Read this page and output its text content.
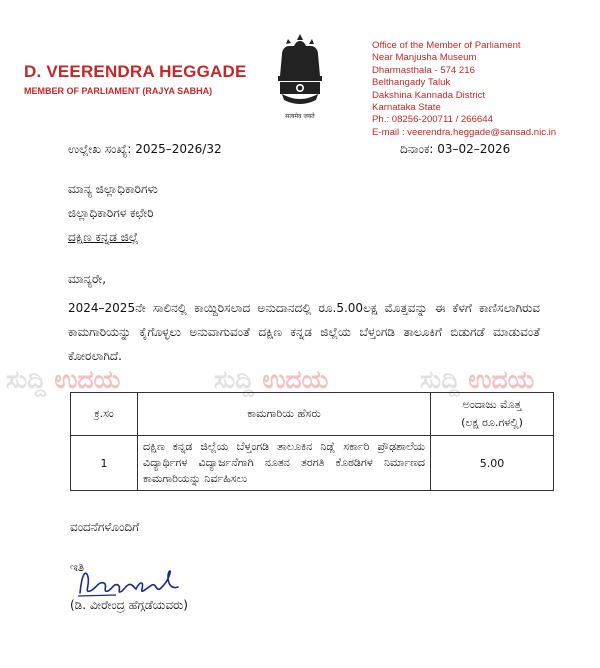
D. VEERENDRA HEGGADE
MEMBER OF PARLIAMENT (RAJYA SABHA)
सत्यमेव जयते
Office of the Member of Parliament
Near Manjusha Museum
Dharmasthala - 574 216
Belthangady Taluk
Dakshina Kannada District
Karnataka State
Ph.: 08256-200711 / 266644
E-mail : veerendra.heggade@sansad.nic.in
ಉಲ್ಲೇಖ ಸಂಖ್ಯೆ: 2025–2026/32	ದಿನಾಂಕ: 03–02–2026
ಮಾನ್ಯ ಜಿಲ್ಲಾಧಿಕಾರಿಗಳು
ಜಿಲ್ಲಾಧಿಕಾರಿಗಳ ಕಛೇರಿ
ದಕ್ಷಿಣ ಕನ್ನಡ ಜಿಲ್ಲೆ
ಮಾನ್ಯರೇ,
2024–2025ನೇ ಸಾಲಿನಲ್ಲಿ ಕಾಯ್ದಿರಿಸಲಾದ ಅನುದಾನದಲ್ಲಿ ರೂ.5.00ಲಕ್ಷ ಮೊತ್ತವನ್ನು ಈ ಕೆಳಗೆ ಕಾಣಿಸಲಾಗಿರುವ ಕಾಮಗಾರಿಯನ್ನು ಕೈಗೊಳ್ಳಲು ಅನುವಾಗುವಂತೆ ದಕ್ಷಿಣ ಕನ್ನಡ ಜಿಲ್ಲೆಯ ಬೆಳ್ತಂಗಡಿ ತಾಲೂಕಿಗೆ ಬಿಡುಗಡೆ ಮಾಡುವಂತೆ ಕೋರಲಾಗಿದೆ.
ಸುದ್ದಿ ಉದಯ	ಸುದ್ದಿ ಉದಯ	ಸುದ್ದಿ ಉದಯ
ಕ್ರ.ಸಂ	ಕಾಮಗಾರಿಯ ಹೆಸರು	ಅಂದಾಜು ಮೊತ್ತ
(ಲಕ್ಷ ರೂ.ಗಳಲ್ಲಿ)

1	ದಕ್ಷಿಣ ಕನ್ನಡ ಜಿಲ್ಲೆಯ ಬೆಳ್ತಂಗಡಿ ತಾಲೂಕಿನ ನಿಡ್ಲೆ ಸರ್ಕಾರಿ ಪ್ರೌಢಶಾಲೆಯ ವಿದ್ಯಾರ್ಥಿಗಳ ವಿದ್ಯಾರ್ಜನೆಗಾಗಿ ನೂತನ ತರಗತಿ ಕೊಠಡಿಗಳ ನಿರ್ಮಾಣದ ಕಾಮಗಾರಿಯನ್ನು ನಿರ್ವಹಿಸಲು	5.00
ವಂದನೆಗಳೊಂದಿಗೆ
ಇತಿ
(ಡಿ. ವೀರೇಂದ್ರ ಹೆಗ್ಗಡೆಯವರು)
